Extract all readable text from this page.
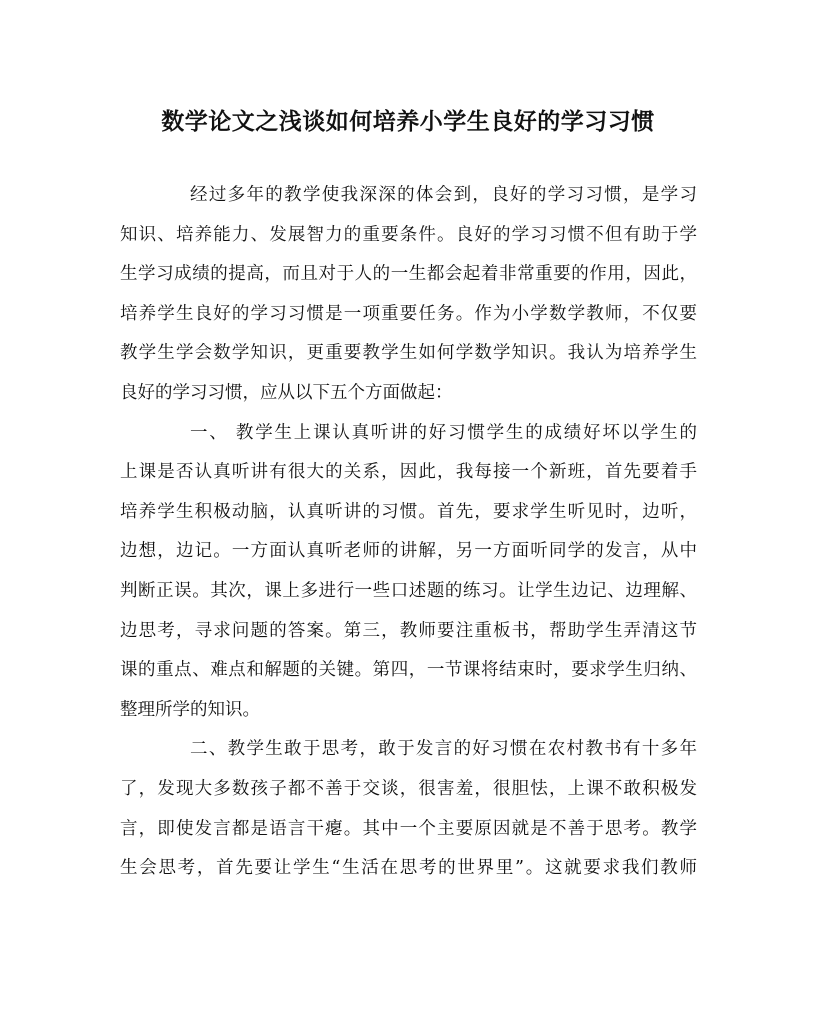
数学论文之浅谈如何培养小学生良好的学习习惯
经过多年的教学使我深深的体会到，良好的学习习惯，是学习
知识、培养能力、发展智力的重要条件。良好的学习习惯不但有助于学
生学习成绩的提高，而且对于人的一生都会起着非常重要的作用，因此，
培养学生良好的学习习惯是一项重要任务。作为小学数学教师，不仅要
教学生学会数学知识，更重要教学生如何学数学知识。我认为培养学生
良好的学习习惯，应从以下五个方面做起：
一、 教学生上课认真听讲的好习惯学生的成绩好坏以学生的
上课是否认真听讲有很大的关系，因此，我每接一个新班，首先要着手
培养学生积极动脑，认真听讲的习惯。首先，要求学生听见时，边听，
边想，边记。一方面认真听老师的讲解，另一方面听同学的发言，从中
判断正误。其次，课上多进行一些口述题的练习。让学生边记、边理解、
边思考，寻求问题的答案。第三，教师要注重板书，帮助学生弄清这节
课的重点、难点和解题的关键。第四，一节课将结束时，要求学生归纳、
整理所学的知识。
二、教学生敢于思考，敢于发言的好习惯在农村教书有十多年
了，发现大多数孩子都不善于交谈，很害羞，很胆怯，上课不敢积极发
言，即使发言都是语言干瘪。其中一个主要原因就是不善于思考。教学
生会思考，首先要让学生“生活在思考的世界里”。这就要求我们教师
